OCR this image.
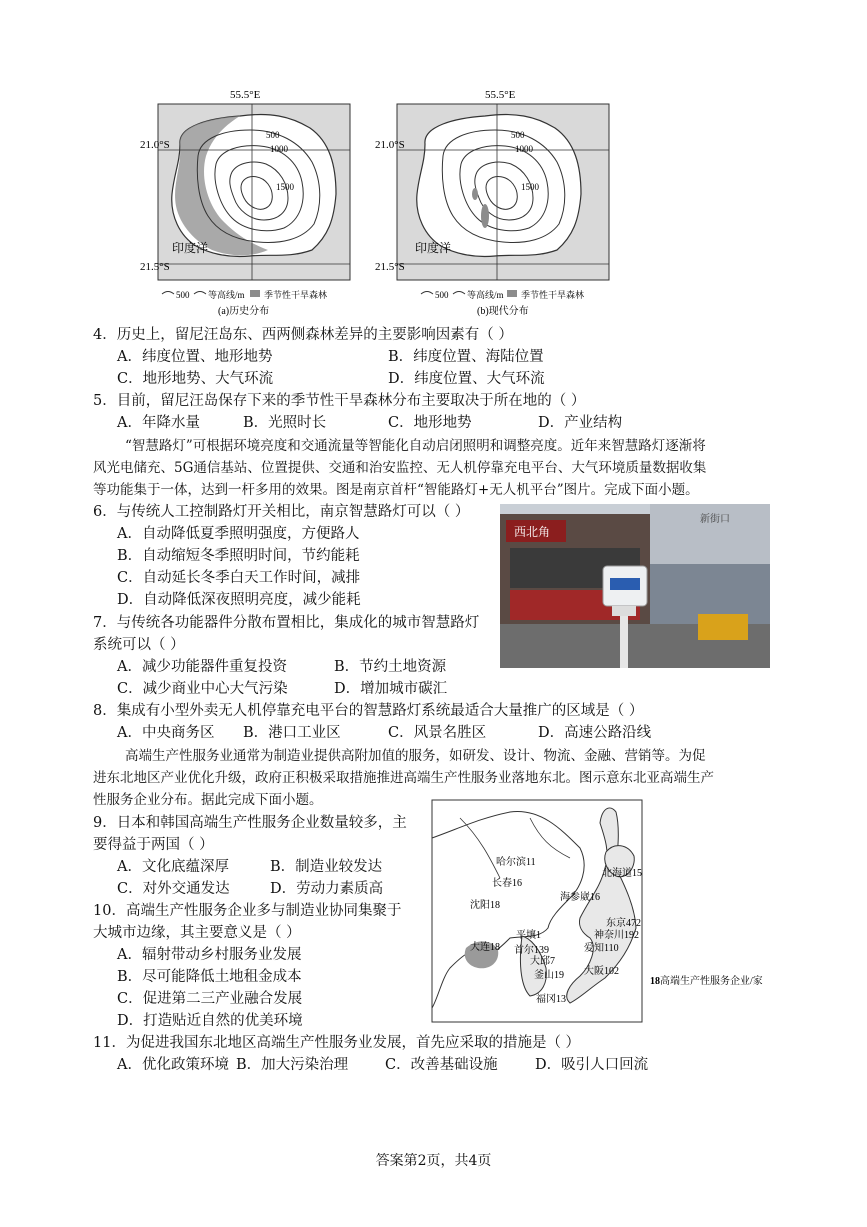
55.5°E
500
1000
1500
印度洋
21.0°S
21.5°S
500 等高线/m 季节性干旱森林
(a)历史分布
55.5°E
500
1000
1500
印度洋
21.0°S
21.5°S
500 等高线/m 季节性干旱森林
(b)现代分布
4．历史上，留尼汪岛东、西两侧森林差异的主要影响因素有（ ）
A．纬度位置、地形地势	B．纬度位置、海陆位置
C．地形地势、大气环流	D．纬度位置、大气环流
5．目前，留尼汪岛保存下来的季节性干旱森林分布主要取决于所在地的（ ）
A．年降水量	B．光照时长	C．地形地势	D．产业结构
“智慧路灯”可根据环境亮度和交通流量等智能化自动启闭照明和调整亮度。近年来智慧路灯逐渐将
风光电储充、5G通信基站、位置提供、交通和治安监控、无人机停靠充电平台、大气环境质量数据收集
等功能集于一体，达到一杆多用的效果。图是南京首杆“智能路灯+无人机平台”图片。完成下面小题。
6．与传统人工控制路灯开关相比，南京智慧路灯可以（ ）
A．自动降低夏季照明强度，方便路人
B．自动缩短冬季照明时间，节约能耗
C．自动延长冬季白天工作时间，减排
D．自动降低深夜照明亮度，减少能耗
西北角
新街口
7．与传统各功能器件分散布置相比，集成化的城市智慧路灯
系统可以（ ）
A．减少功能器件重复投资	B．节约土地资源
C．减少商业中心大气污染	D．增加城市碳汇
8．集成有小型外卖无人机停靠充电平台的智慧路灯系统最适合大量推广的区域是（ ）
A．中央商务区 B．港口工业区	C．风景名胜区	D．高速公路沿线
高端生产性服务业通常为制造业提供高附加值的服务，如研发、设计、物流、金融、营销等。为促
进东北地区产业优化升级，政府正积极采取措施推进高端生产性服务业落地东北。图示意东北亚高端生产
性服务企业分布。据此完成下面小题。
9．日本和韩国高端生产性服务企业数量较多，主
要得益于两国（ ）
A．文化底蕴深厚	B．制造业较发达
C．对外交通发达	D．劳动力素质高
10．高端生产性服务企业多与制造业协同集聚于
大城市边缘，其主要意义是（ ）
A．辐射带动乡村服务业发展
B．尽可能降低土地租金成本
C．促进第二三产业融合发展
D．打造贴近自然的优美环境
哈尔滨11
长春16
沈阳18
大连18
海参崴16
北海道15
平壤1
首尔139
大邱7
釜山19
东京472
神奈川192
爱知110
大阪102
福冈13
18高端生产性服务企业/家
11．为促进我国东北地区高端生产性服务业发展，首先应采取的措施是（ ）
A．优化政策环境 B．加大污染治理	C．改善基础设施	D．吸引人口回流
答案第2页，共4页
